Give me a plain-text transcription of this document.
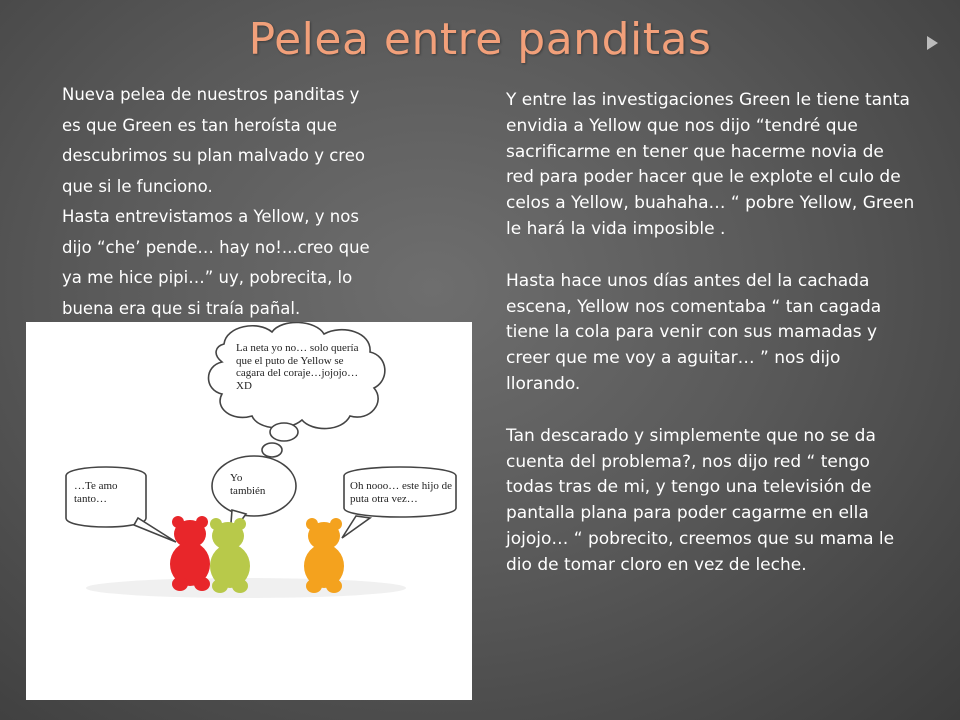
Pelea entre panditas
Nueva pelea de nuestros panditas y
es que Green es tan heroísta que
descubrimos su plan malvado y creo
que si le funciono.
Hasta entrevistamos a Yellow, y nos
dijo “che’ pende… hay no!...creo que
ya me hice pipi…” uy, pobrecita, lo
buena era que si traía pañal.

Y entre las investigaciones Green le tiene tanta envidia a Yellow que nos dijo “tendré que sacrificarme en tener que hacerme novia de red para poder hacer que le explote el culo de celos a Yellow, buahaha… “ pobre Yellow, Green le hará la vida imposible .

Hasta hace unos días antes del la cachada escena, Yellow nos comentaba “ tan cagada tiene la cola para venir con sus mamadas y creer que me voy a aguitar… ” nos dijo llorando.

Tan descarado y simplemente que no se da cuenta del problema?, nos dijo red “ tengo todas tras de mi, y tengo una televisión de pantalla plana para poder cagarme en ella jojojo… “ pobrecito, creemos que su mama le dio de tomar cloro en vez de leche.

La neta yo no… solo quería que el puto de Yellow se cagara del coraje…jojojo…XD
…Te amo tanto…
Yo también	Oh nooo… este hijo de puta otra vez…
